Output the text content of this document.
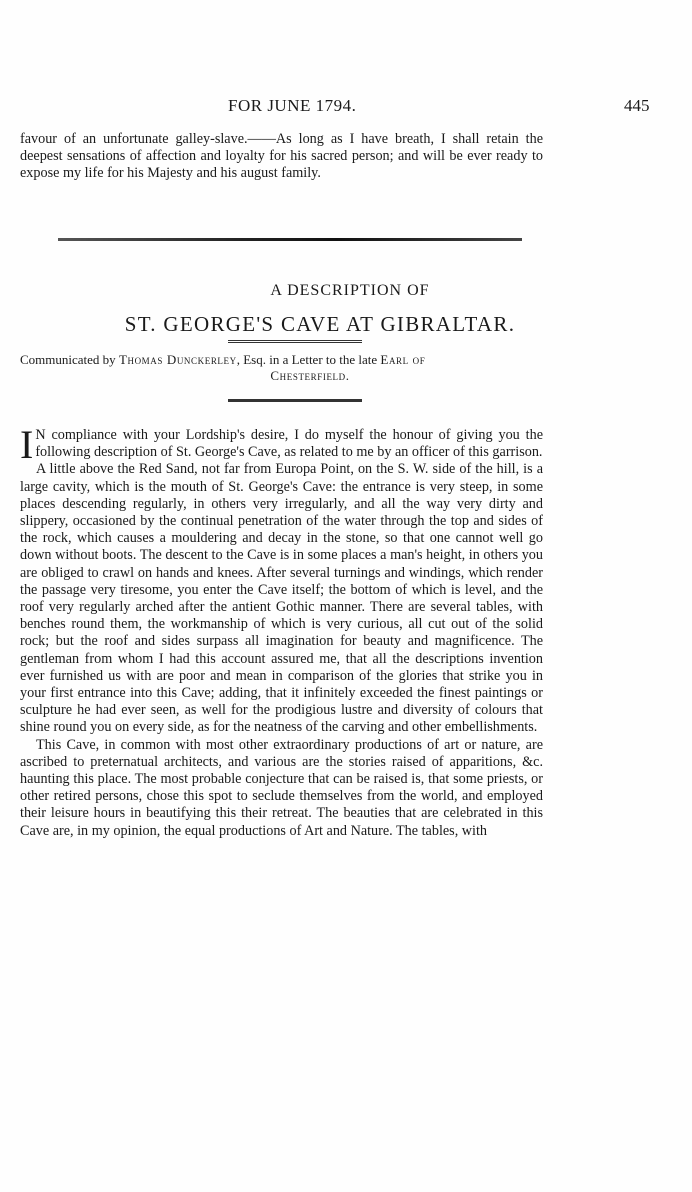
FOR JUNE 1794.	445

favour of an unfortunate galley-slave.——As long as I have breath, I shall retain the deepest sensations of affection and loyalty for his sacred person; and will be ever ready to expose my life for his Majesty and his august family.

A DESCRIPTION OF
ST. GEORGE'S CAVE AT GIBRALTAR.
Communicated by Thomas Dunckerley, Esq. in a Letter to the late Earl of
Chesterfield.

I N compliance with your Lordship's desire, I do myself the honour of giving you the following description of St. George's Cave, as related to me by an officer of this garrison.

A little above the Red Sand, not far from Europa Point, on the S. W. side of the hill, is a large cavity, which is the mouth of St. George's Cave: the entrance is very steep, in some places descending regularly, in others very irregularly, and all the way very dirty and slippery, occasioned by the continual penetration of the water through the top and sides of the rock, which causes a mouldering and decay in the stone, so that one cannot well go down without boots. The descent to the Cave is in some places a man's height, in others you are obliged to crawl on hands and knees. After several turnings and windings, which render the passage very tiresome, you enter the Cave itself; the bottom of which is level, and the roof very regularly arched after the antient Gothic manner. There are several tables, with benches round them, the workmanship of which is very curious, all cut out of the solid rock; but the roof and sides surpass all imagination for beauty and magnificence. The gentleman from whom I had this account assured me, that all the descriptions invention ever furnished us with are poor and mean in comparison of the glories that strike you in your first entrance into this Cave; adding, that it infinitely exceeded the finest paintings or sculpture he had ever seen, as well for the prodigious lustre and diversity of colours that shine round you on every side, as for the neatness of the carving and other embellishments.

This Cave, in common with most other extraordinary productions of art or nature, are ascribed to preternatual architects, and various are the stories raised of apparitions, &c. haunting this place. The most probable conjecture that can be raised is, that some priests, or other retired persons, chose this spot to seclude themselves from the world, and employed their leisure hours in beautifying this their retreat. The beauties that are celebrated in this Cave are, in my opinion, the equal productions of Art and Nature. The tables, with
